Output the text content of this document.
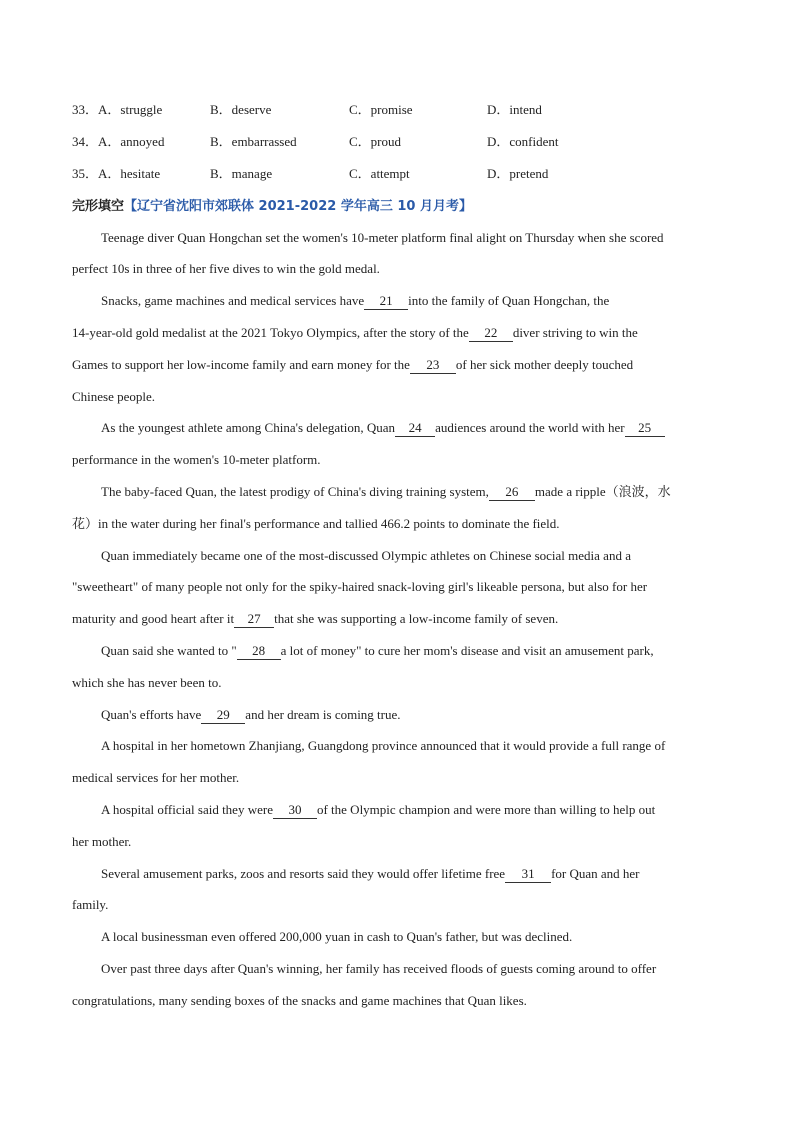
33．A．struggle	B．deserve	C．promise	D．intend
34．A．annoyed	B．embarrassed	C．proud	D．confident
35．A．hesitate	B．manage	C．attempt	D．pretend
完形填空【辽宁省沈阳市郊联体 2021-2022 学年高三 10 月月考】
Teenage diver Quan Hongchan set the women's 10-meter platform final alight on Thursday when she scored
perfect 10s in three of her five dives to win the gold medal.
Snacks, game machines and medical services have 21 into the family of Quan Hongchan, the
14-year-old gold medalist at the 2021 Tokyo Olympics, after the story of the 22 diver striving to win the
Games to support her low-income family and earn money for the 23 of her sick mother deeply touched
Chinese people.
As the youngest athlete among China's delegation, Quan 24 audiences around the world with her 25
performance in the women's 10-meter platform.
The baby-faced Quan, the latest prodigy of China's diving training system, 26 made a ripple（浪波，水
花）in the water during her final's performance and tallied 466.2 points to dominate the field.
Quan immediately became one of the most-discussed Olympic athletes on Chinese social media and a
"sweetheart" of many people not only for the spiky-haired snack-loving girl's likeable persona, but also for her
maturity and good heart after it 27 that she was supporting a low-income family of seven.
Quan said she wanted to " 28 a lot of money" to cure her mom's disease and visit an amusement park,
which she has never been to.
Quan's efforts have 29 and her dream is coming true.
A hospital in her hometown Zhanjiang, Guangdong province announced that it would provide a full range of
medical services for her mother.
A hospital official said they were 30 of the Olympic champion and were more than willing to help out
her mother.
Several amusement parks, zoos and resorts said they would offer lifetime free 31 for Quan and her
family.
A local businessman even offered 200,000 yuan in cash to Quan's father, but was declined.
Over past three days after Quan's winning, her family has received floods of guests coming around to offer
congratulations, many sending boxes of the snacks and game machines that Quan likes.
